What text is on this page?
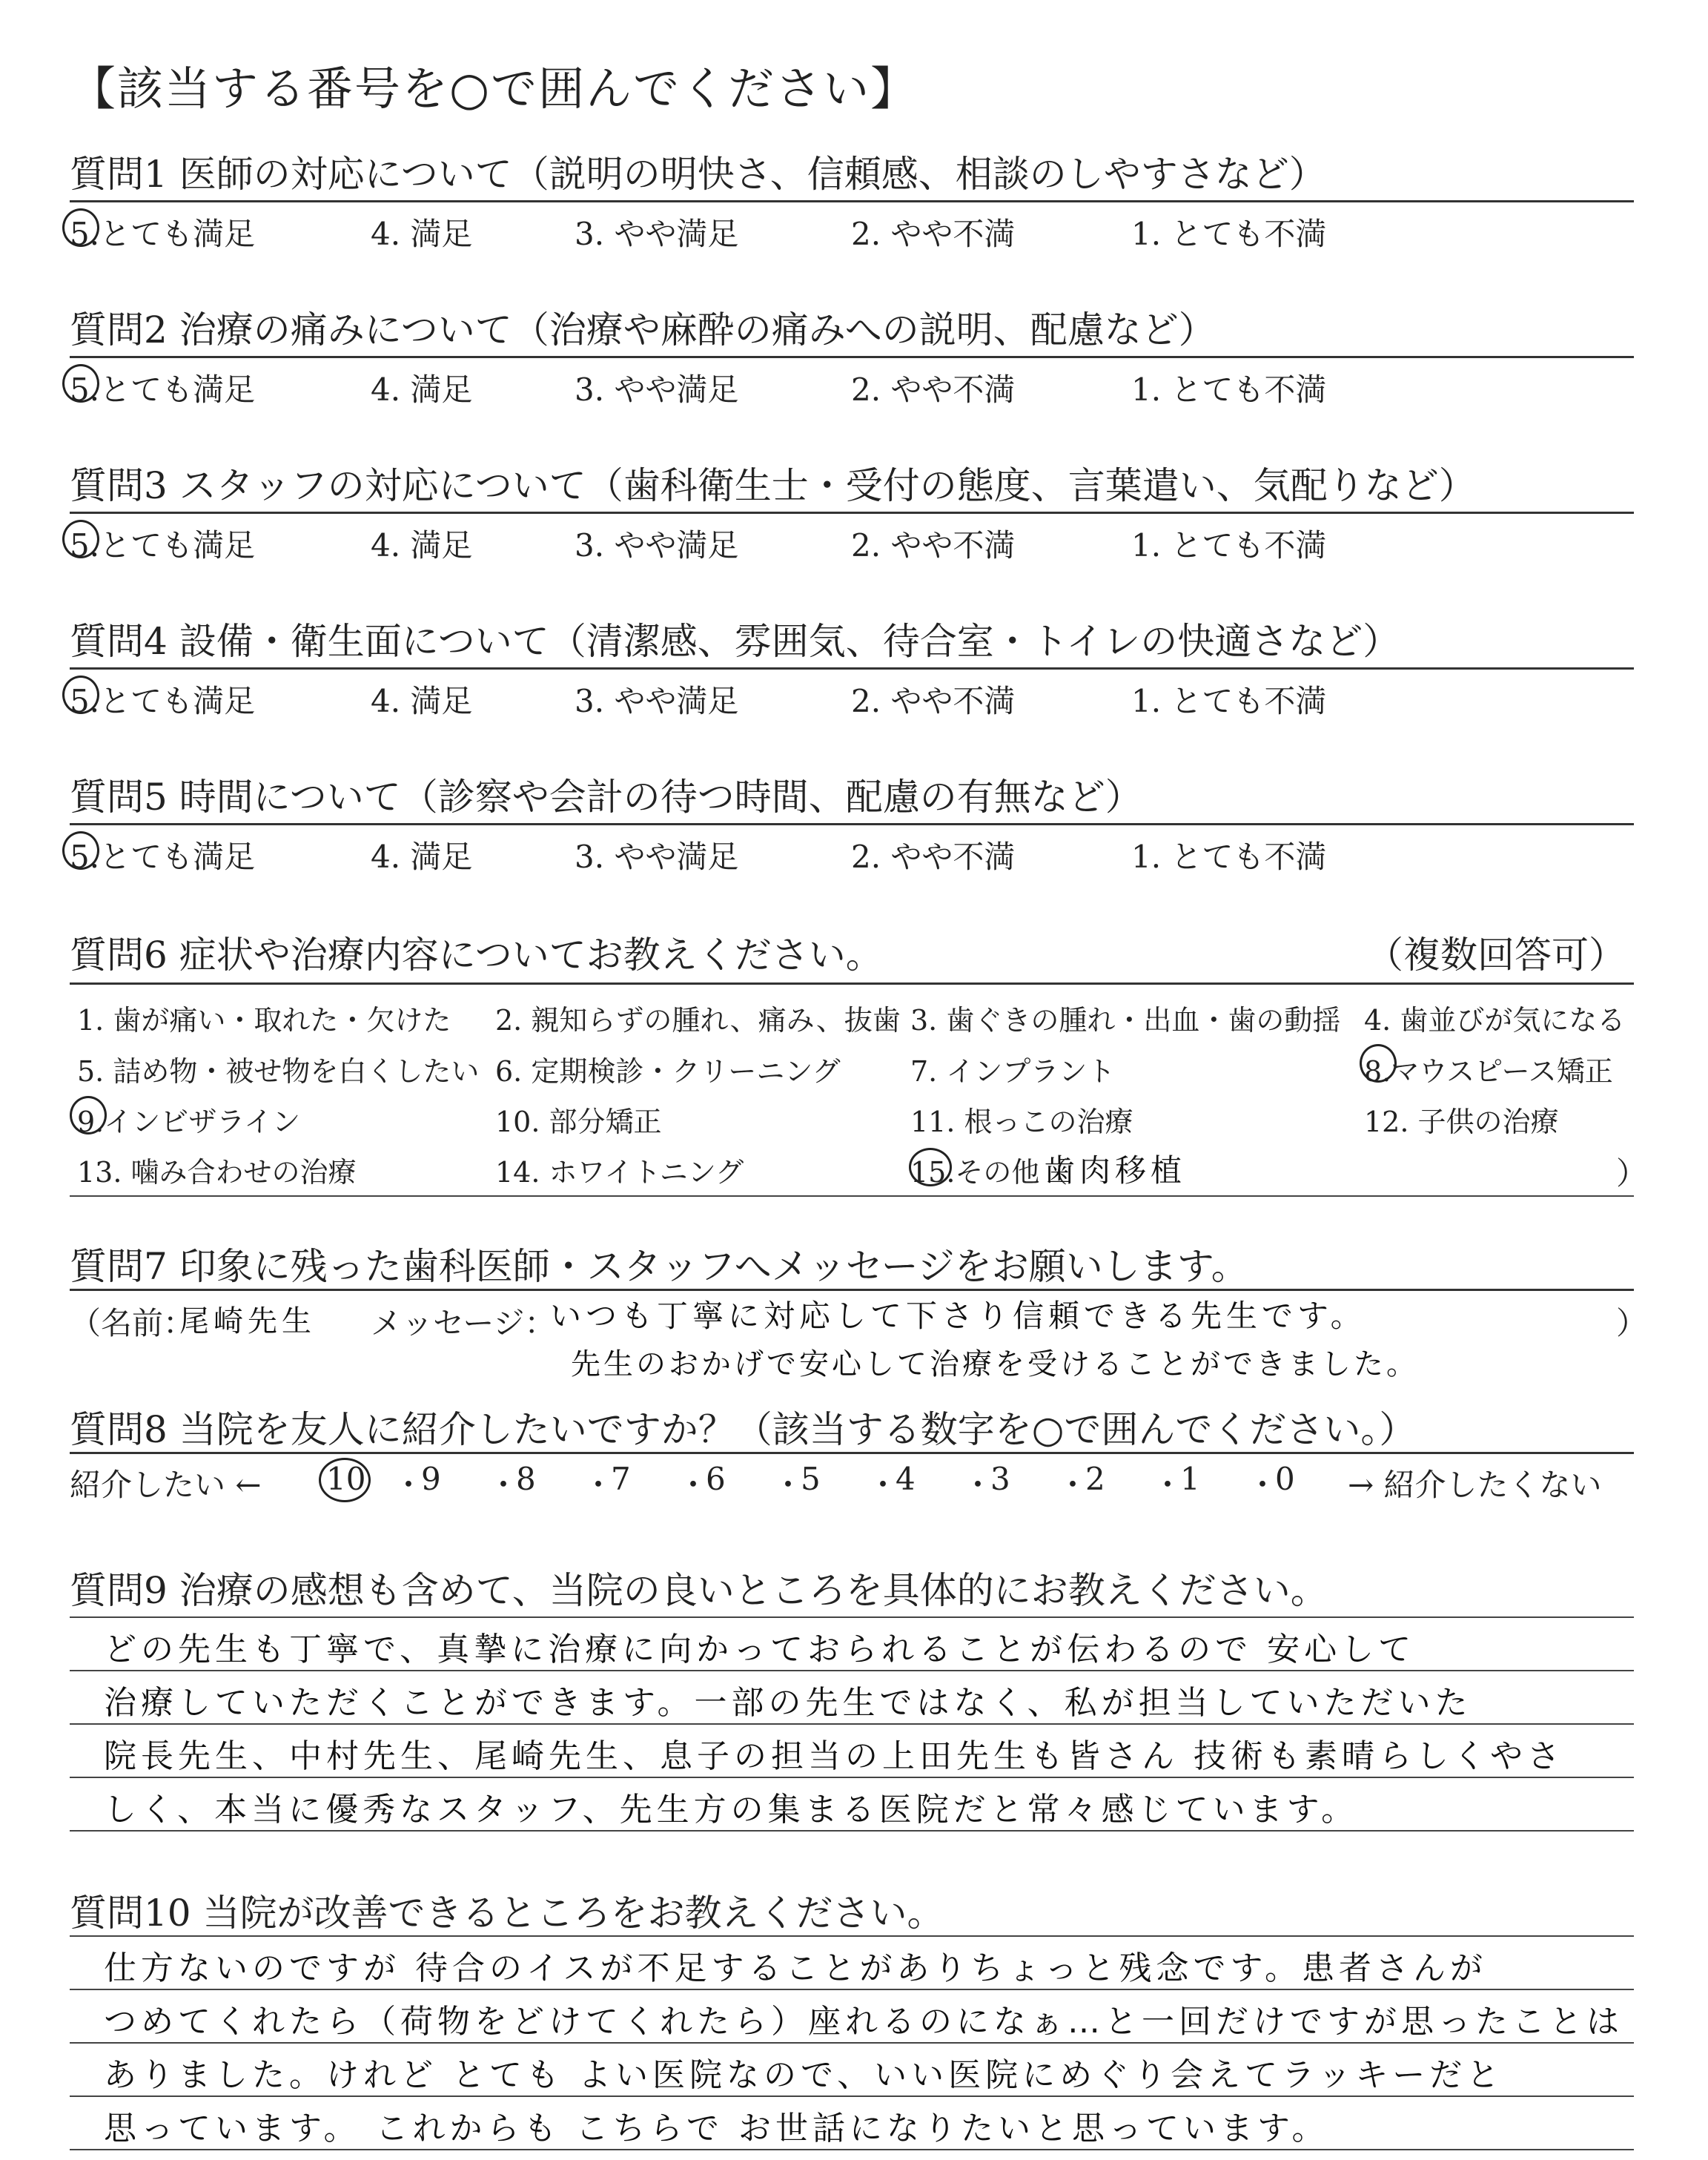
【該当する番号を○で囲んでください】
質問1 医師の対応について（説明の明快さ、信頼感、相談のしやすさなど）
5.とても満足	4. 満足	3. やや満足	2. やや不満	1. とても不満
質問2 治療の痛みについて（治療や麻酔の痛みへの説明、配慮など）
5.とても満足	4. 満足	3. やや満足	2. やや不満	1. とても不満
質問3 スタッフの対応について（歯科衛生士・受付の態度、言葉遣い、気配りなど）
5.とても満足	4. 満足	3. やや満足	2. やや不満	1. とても不満
質問4 設備・衛生面について（清潔感、雰囲気、待合室・トイレの快適さなど）
5.とても満足	4. 満足	3. やや満足	2. やや不満	1. とても不満
質問5 時間について（診察や会計の待つ時間、配慮の有無など）
5.とても満足	4. 満足	3. やや満足	2. やや不満	1. とても不満
質問6 症状や治療内容についてお教えください。	（複数回答可）
1. 歯が痛い・取れた・欠けた 2. 親知らずの腫れ、痛み、抜歯 3. 歯ぐきの腫れ・出血・歯の動揺 4. 歯並びが気になる
5. 詰め物・被せ物を白くしたい 6. 定期検診・クリーニング 7. インプラント	8.マウスピース矯正
9.インビザライン	10. 部分矯正	11. 根っこの治療	12. 子供の治療
13. 噛み合わせの治療	14. ホワイトニング	15.その他（
歯肉移植	）
質問7 印象に残った歯科医師・スタッフへメッセージをお願いします。
（名前：
尾崎先生 メッセージ：
いつも丁寧に対応して下さり信頼できる先生です。	）
先生のおかげで安心して治療を受けることができました。
質問8 当院を友人に紹介したいですか？（該当する数字を○で囲んでください。）
紹介したい ← 10 ・
9 ・
8 ・
7 ・
6 ・
5 ・
4 ・
3 ・
2 ・
1 ・
0 → 紹介したくない
質問9 治療の感想も含めて、当院の良いところを具体的にお教えください。
どの先生も丁寧で、真摯に治療に向かっておられることが伝わるので 安心して
治療していただくことができます。一部の先生ではなく、私が担当していただいた
院長先生、中村先生、尾崎先生、息子の担当の上田先生も皆さん 技術も素晴らしくやさ
しく、本当に優秀なスタッフ、先生方の集まる医院だと常々感じています。
質問10 当院が改善できるところをお教えください。
仕方ないのですが 待合のイスが不足することがありちょっと残念です。患者さんが
つめてくれたら（荷物をどけてくれたら）座れるのになぁ…と一回だけですが思ったことは
ありました。けれど とても よい医院なので、いい医院にめぐり会えてラッキーだと
思っています。 これからも こちらで お世話になりたいと思っています。
